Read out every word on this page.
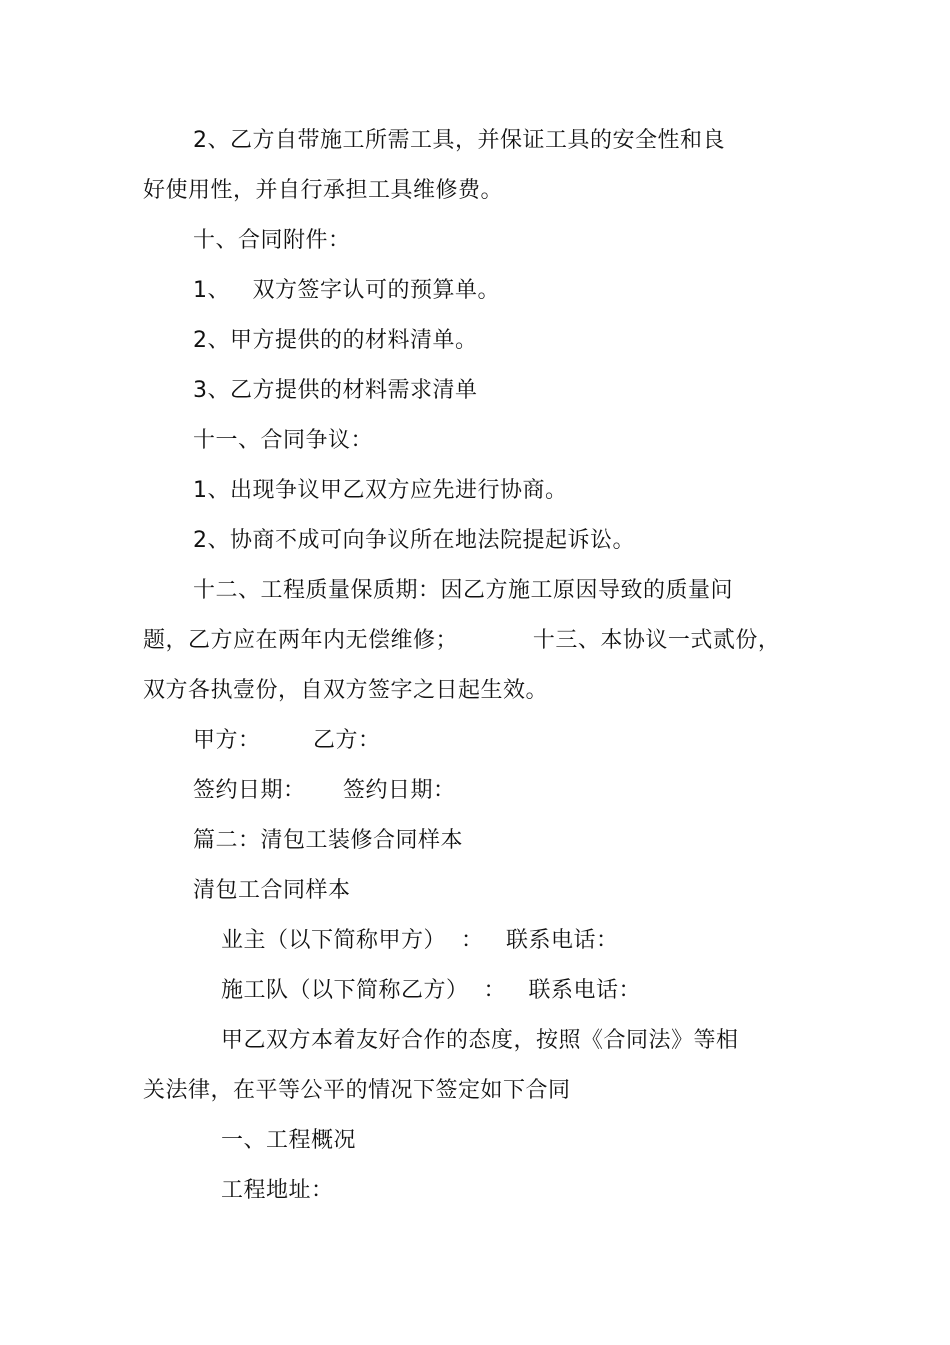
2、乙方自带施工所需工具，并保证工具的安全性和良
好使用性，并自行承担工具维修费。
十、合同附件：
1、   双方签字认可的预算单。
2、甲方提供的的材料清单。
3、乙方提供的材料需求清单
十一、合同争议：
1、出现争议甲乙双方应先进行协商。
2、协商不成可向争议所在地法院提起诉讼。
十二、工程质量保质期：因乙方施工原因导致的质量问
题，乙方应在两年内无偿维修；          十三、本协议一式贰份，
双方各执壹份，自双方签字之日起生效。
甲方：       乙方：
签约日期：     签约日期：
篇二：清包工装修合同样本
清包工合同样本
业主（以下简称甲方）  ：   联系电话：
施工队（以下简称乙方）  ：   联系电话：
甲乙双方本着友好合作的态度，按照《合同法》等相
关法律，在平等公平的情况下签定如下合同
一、工程概况
工程地址：
